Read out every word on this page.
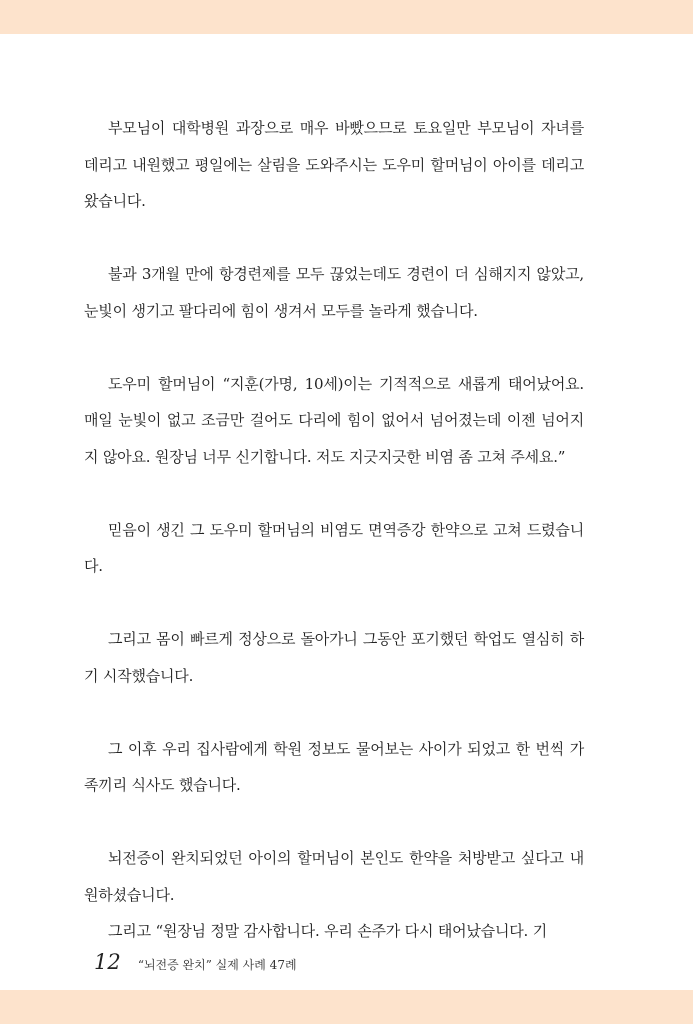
부모님이 대학병원 과장으로 매우 바빴으므로 토요일만 부모님이 자녀를 데리고 내원했고 평일에는 살림을 도와주시는 도우미 할머님이 아이를 데리고 왔습니다.

불과 3개월 만에 항경련제를 모두 끊었는데도 경련이 더 심해지지 않았고, 눈빛이 생기고 팔다리에 힘이 생겨서 모두를 놀라게 했습니다.

도우미 할머님이 “지훈(가명, 10세)이는 기적적으로 새롭게 태어났어요. 매일 눈빛이 없고 조금만 걸어도 다리에 힘이 없어서 넘어졌는데 이젠 넘어지지 않아요. 원장님 너무 신기합니다. 저도 지긋지긋한 비염 좀 고쳐 주세요.”

믿음이 생긴 그 도우미 할머님의 비염도 면역증강 한약으로 고쳐 드렸습니다.

그리고 몸이 빠르게 정상으로 돌아가니 그동안 포기했던 학업도 열심히 하기 시작했습니다.

그 이후 우리 집사람에게 학원 정보도 물어보는 사이가 되었고 한 번씩 가족끼리 식사도 했습니다.

뇌전증이 완치되었던 아이의 할머님이 본인도 한약을 처방받고 싶다고 내원하셨습니다.

그리고 “원장님 정말 감사합니다. 우리 손주가 다시 태어났습니다. 기

12 “뇌전증 완치” 실제 사례 47례
